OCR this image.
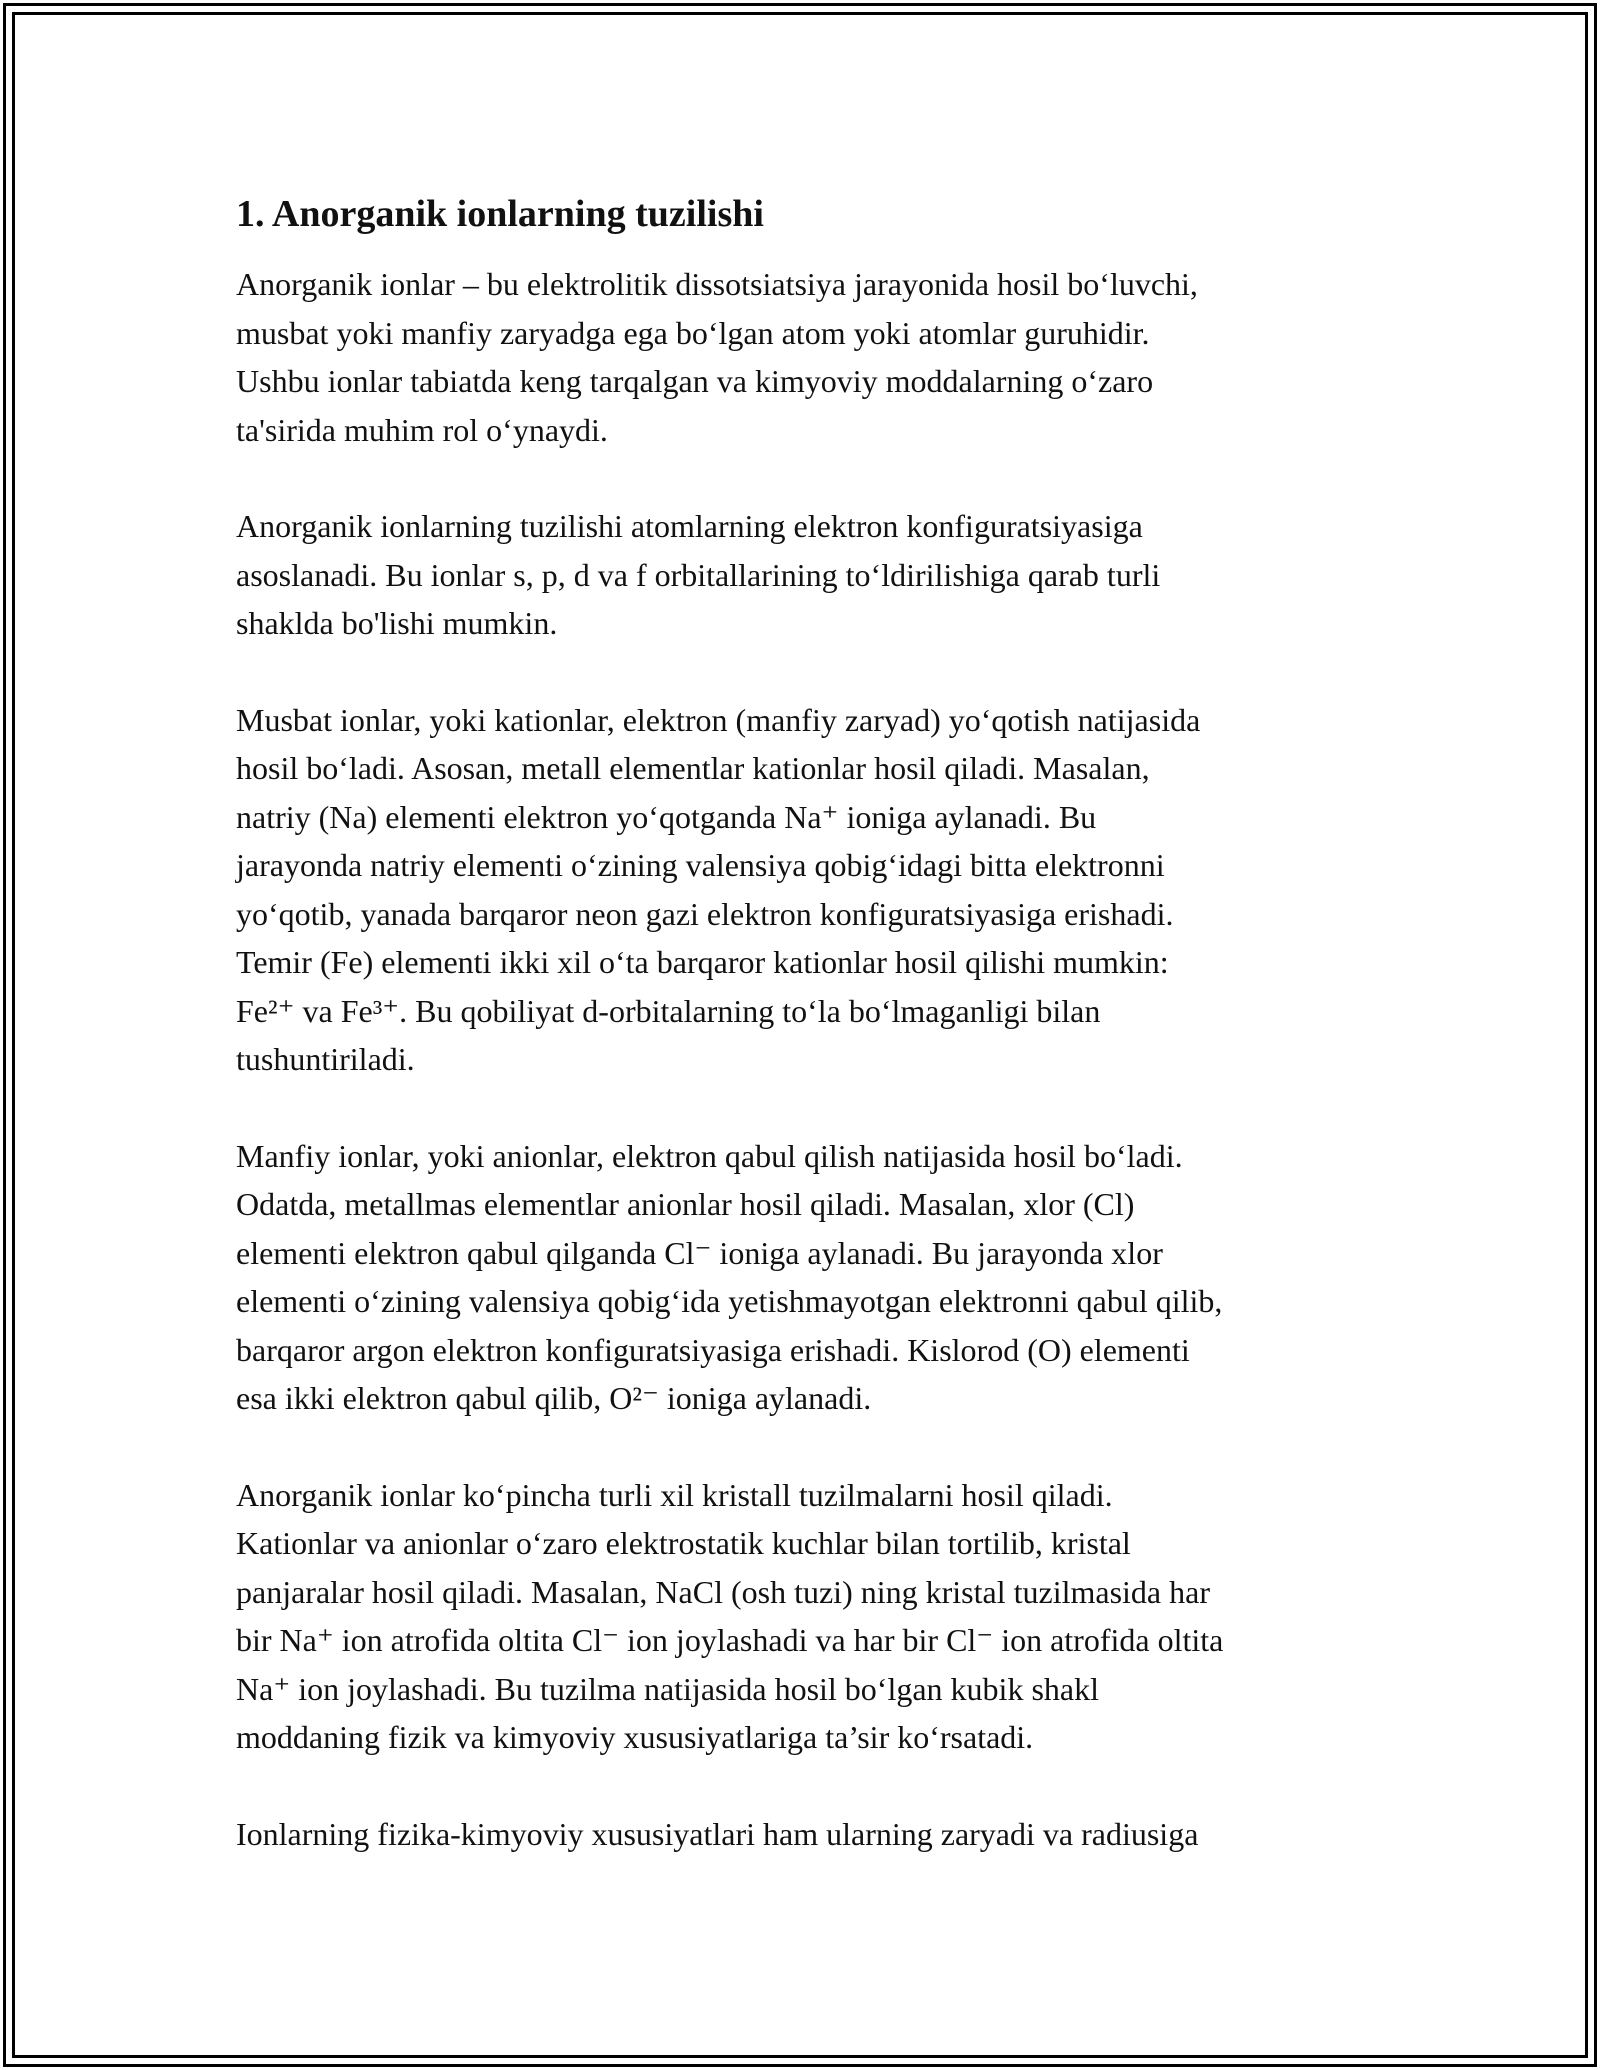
1. Anorganik ionlarning tuzilishi

Anorganik ionlar – bu elektrolitik dissotsiatsiya jarayonida hosil bo‘luvchi,
musbat yoki manfiy zaryadga ega bo‘lgan atom yoki atomlar guruhidir.
Ushbu ionlar tabiatda keng tarqalgan va kimyoviy moddalarning o‘zaro
ta'sirida muhim rol o‘ynaydi.

Anorganik ionlarning tuzilishi atomlarning elektron konfiguratsiyasiga
asoslanadi. Bu ionlar s, p, d va f orbitallarining to‘ldirilishiga qarab turli
shaklda bo'lishi mumkin.

Musbat ionlar, yoki kationlar, elektron (manfiy zaryad) yo‘qotish natijasida
hosil bo‘ladi. Asosan, metall elementlar kationlar hosil qiladi. Masalan,
natriy (Na) elementi elektron yo‘qotganda Na⁺ ioniga aylanadi. Bu
jarayonda natriy elementi o‘zining valensiya qobig‘idagi bitta elektronni
yo‘qotib, yanada barqaror neon gazi elektron konfiguratsiyasiga erishadi.
Temir (Fe) elementi ikki xil o‘ta barqaror kationlar hosil qilishi mumkin:
Fe²⁺ va Fe³⁺. Bu qobiliyat d-orbitalarning to‘la bo‘lmaganligi bilan
tushuntiriladi.

Manfiy ionlar, yoki anionlar, elektron qabul qilish natijasida hosil bo‘ladi.
Odatda, metallmas elementlar anionlar hosil qiladi. Masalan, xlor (Cl)
elementi elektron qabul qilganda Cl⁻ ioniga aylanadi. Bu jarayonda xlor
elementi o‘zining valensiya qobig‘ida yetishmayotgan elektronni qabul qilib,
barqaror argon elektron konfiguratsiyasiga erishadi. Kislorod (O) elementi
esa ikki elektron qabul qilib, O²⁻ ioniga aylanadi.

Anorganik ionlar ko‘pincha turli xil kristall tuzilmalarni hosil qiladi.
Kationlar va anionlar o‘zaro elektrostatik kuchlar bilan tortilib, kristal
panjaralar hosil qiladi. Masalan, NaCl (osh tuzi) ning kristal tuzilmasida har
bir Na⁺ ion atrofida oltita Cl⁻ ion joylashadi va har bir Cl⁻ ion atrofida oltita
Na⁺ ion joylashadi. Bu tuzilma natijasida hosil bo‘lgan kubik shakl
moddaning fizik va kimyoviy xususiyatlariga ta’sir ko‘rsatadi.

Ionlarning fizika-kimyoviy xususiyatlari ham ularning zaryadi va radiusiga
